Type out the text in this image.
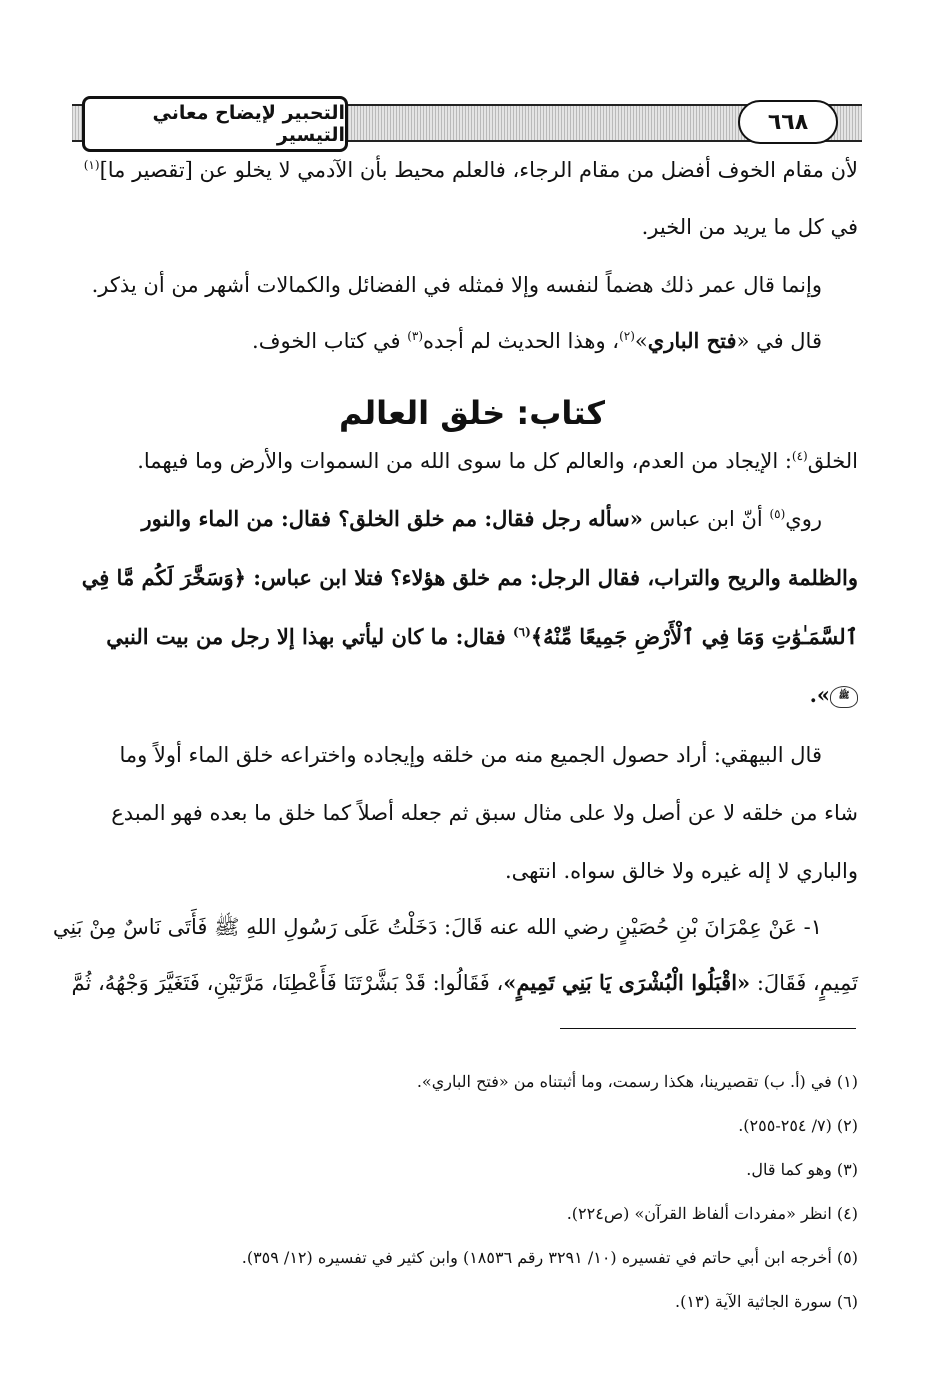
التحبير لإيضاح معاني التيسير
٦٦٨
لأن مقام الخوف أفضل من مقام الرجاء، فالعلم محيط بأن الآدمي لا يخلو عن [تقصير ما]$^{(١)}$
في كل ما يريد من الخير.
وإنما قال عمر ذلك هضماً لنفسه وإلا فمثله في الفضائل والكمالات أشهر من أن يذكر.
قال في «فتح الباري»$^{(٢)}$، وهذا الحديث لم أجده$^{(٣)}$ في كتاب الخوف.
كتاب: خلق العالم
الخلق$^{(٤)}$: الإيجاد من العدم، والعالم كل ما سوى الله من السموات والأرض وما فيهما.
روي$^{(٥)}$ أنّ ابن عباس «سأله رجل فقال: مم خلق الخلق؟ فقال: من الماء والنور
والظلمة والريح والتراب، فقال الرجل: مم خلق هؤلاء؟ فتلا ابن عباس: ﴿وَسَخَّرَ لَكُم مَّا فِي
ٱلسَّمَـٰوَٰتِ وَمَا فِي ٱلْأَرْضِ جَمِيعًا مِّنْهُ﴾$^{(٦)}$ فقال: ما كان ليأتي بهذا إلا رجل من بيت النبي
ﷺ».
قال البيهقي: أراد حصول الجميع منه من خلقه وإيجاده واختراعه خلق الماء أولاً وما
شاء من خلقه لا عن أصل ولا على مثال سبق ثم جعله أصلاً كما خلق ما بعده فهو المبدع
والباري لا إله غيره ولا خالق سواه. انتهى.
١- عَنْ عِمْرَانَ بْنِ حُصَيْنٍ رضي الله عنه قَالَ: دَخَلْتُ عَلَى رَسُولِ اللهِ ﷺ فَأَتَى نَاسٌ مِنْ بَنِي
تَمِيمٍ، فَقَالَ: «اقْبَلُوا الْبُشْرَى يَا بَنِي تَمِيمٍ»، فَقَالُوا: قَدْ بَشَّرْتَنَا فَأَعْطِنَا، مَرَّتَيْنِ، فَتَغَيَّرَ وَجْهُهُ، ثُمَّ
(١) في (أ. ب) تقصيرينا، هكذا رسمت، وما أثبتناه من «فتح الباري».
(٢) (٧/ ٢٥٤-٢٥٥).
(٣) وهو كما قال.
(٤) انظر «مفردات ألفاظ القرآن» (ص٢٢٤).
(٥) أخرجه ابن أبي حاتم في تفسيره (١٠/ ٣٢٩١ رقم ١٨٥٣٦) وابن كثير في تفسيره (١٢/ ٣٥٩).
(٦) سورة الجاثية الآية (١٣).
